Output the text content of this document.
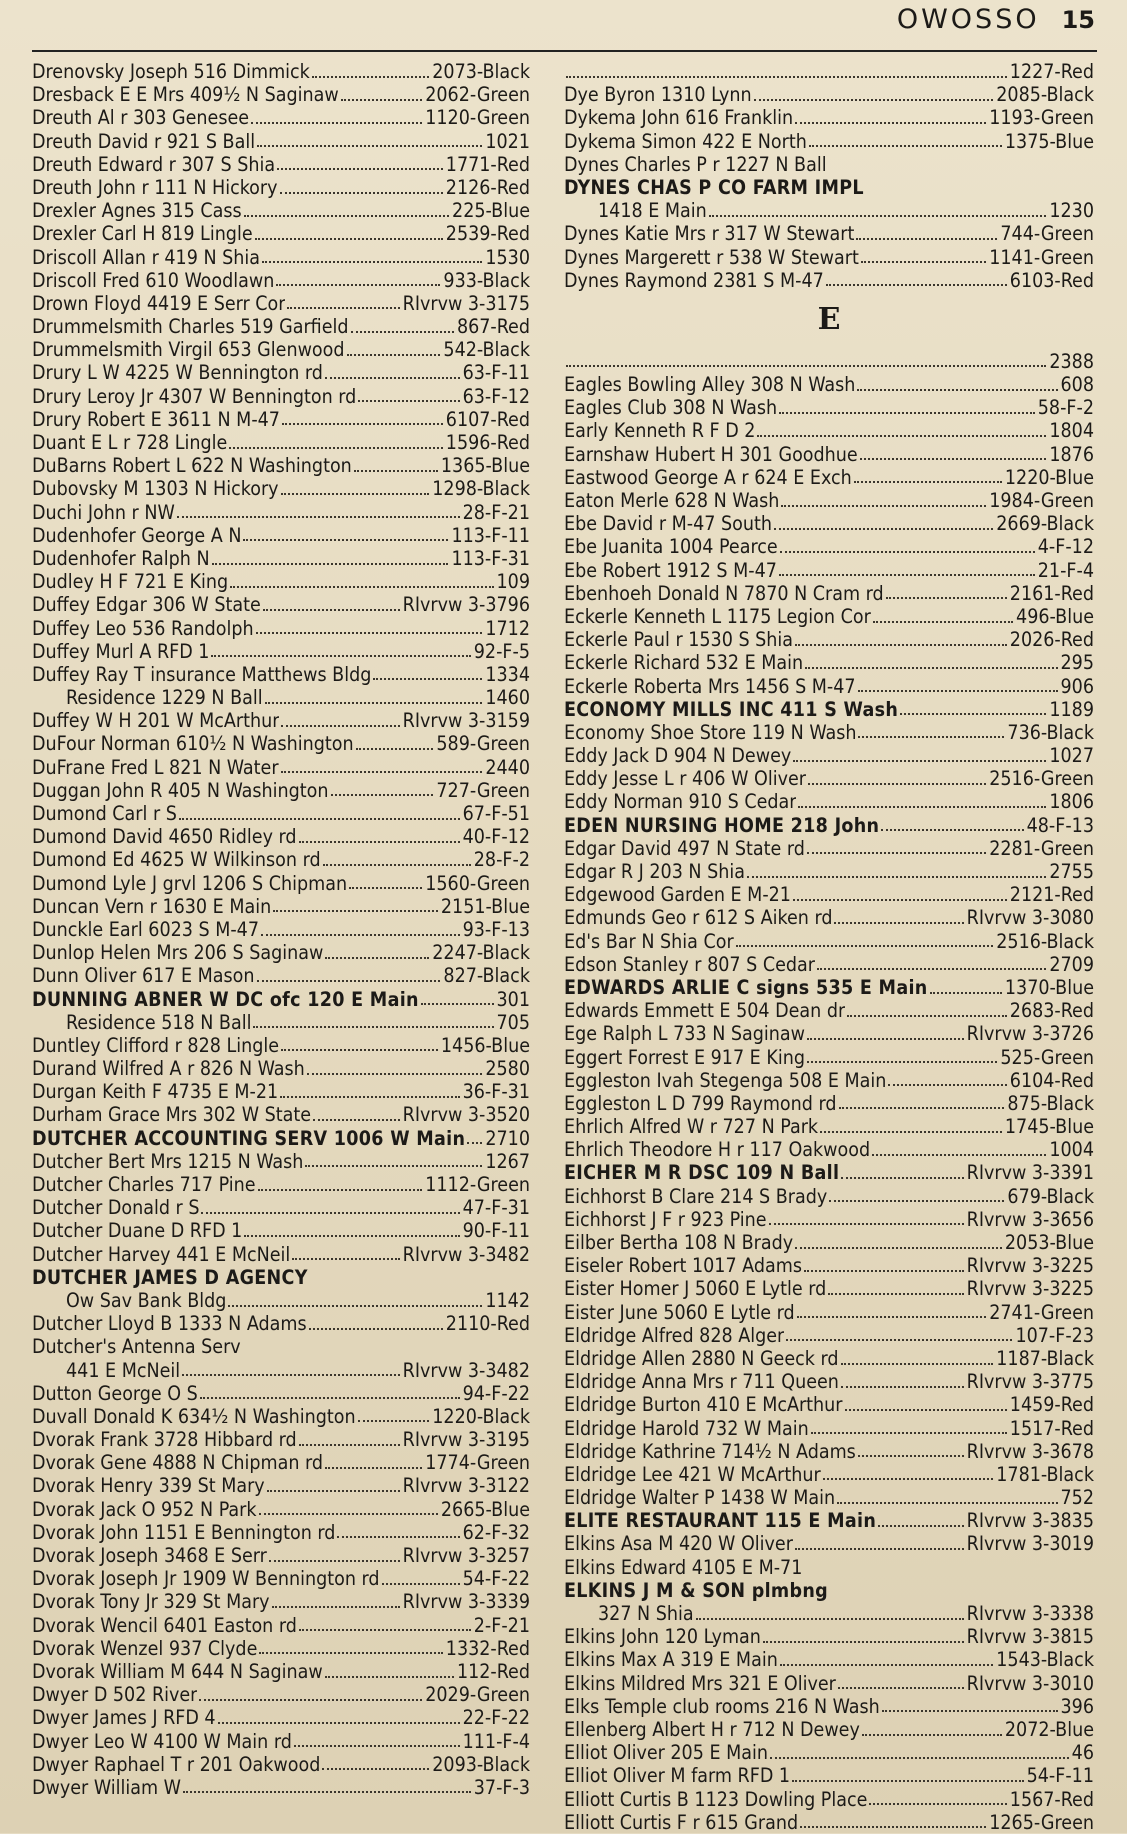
OWOSSO 15
Drenovsky Joseph 516 Dimmick	2073-Black
Dresback E E Mrs 409½ N Saginaw	2062-Green
Dreuth Al r 303 Genesee	1120-Green
Dreuth David r 921 S Ball	1021
Dreuth Edward r 307 S Shia	1771-Red
Dreuth John r 111 N Hickory	2126-Red
Drexler Agnes 315 Cass	225-Blue
Drexler Carl H 819 Lingle	2539-Red
Driscoll Allan r 419 N Shia	1530
Driscoll Fred 610 Woodlawn	933-Black
Drown Floyd 4419 E Serr Cor	RIvrvw 3-3175
Drummelsmith Charles 519 Garfield	867-Red
Drummelsmith Virgil 653 Glenwood	542-Black
Drury L W 4225 W Bennington rd	63-F-11
Drury Leroy Jr 4307 W Bennington rd	63-F-12
Drury Robert E 3611 N M-47	6107-Red
Duant E L r 728 Lingle	1596-Red
DuBarns Robert L 622 N Washington	1365-Blue
Dubovsky M 1303 N Hickory	1298-Black
Duchi John r NW	28-F-21
Dudenhofer George A N	113-F-11
Dudenhofer Ralph N	113-F-31
Dudley H F 721 E King	109
Duffey Edgar 306 W State	RIvrvw 3-3796
Duffey Leo 536 Randolph	1712
Duffey Murl A RFD 1	92-F-5
Duffey Ray T insurance Matthews Bldg	1334
Residence 1229 N Ball	1460
Duffey W H 201 W McArthur	RIvrvw 3-3159
DuFour Norman 610½ N Washington	589-Green
DuFrane Fred L 821 N Water	2440
Duggan John R 405 N Washington	727-Green
Dumond Carl r S	67-F-51
Dumond David 4650 Ridley rd	40-F-12
Dumond Ed 4625 W Wilkinson rd	28-F-2
Dumond Lyle J grvl 1206 S Chipman	1560-Green
Duncan Vern r 1630 E Main	2151-Blue
Dunckle Earl 6023 S M-47	93-F-13
Dunlop Helen Mrs 206 S Saginaw	2247-Black
Dunn Oliver 617 E Mason	827-Black
DUNNING ABNER W DC ofc 120 E Main	301
Residence 518 N Ball	705
Duntley Clifford r 828 Lingle	1456-Blue
Durand Wilfred A r 826 N Wash	2580
Durgan Keith F 4735 E M-21	36-F-31
Durham Grace Mrs 302 W State	RIvrvw 3-3520
DUTCHER ACCOUNTING SERV 1006 W Main 2710
Dutcher Bert Mrs 1215 N Wash	1267
Dutcher Charles 717 Pine	1112-Green
Dutcher Donald r S	47-F-31
Dutcher Duane D RFD 1	90-F-11
Dutcher Harvey 441 E McNeil	RIvrvw 3-3482
DUTCHER JAMES D AGENCY
Ow Sav Bank Bldg	1142
Dutcher Lloyd B 1333 N Adams	2110-Red
Dutcher's Antenna Serv
441 E McNeil	RIvrvw 3-3482
Dutton George O S	94-F-22
Duvall Donald K 634½ N Washington	1220-Black
Dvorak Frank 3728 Hibbard rd	RIvrvw 3-3195
Dvorak Gene 4888 N Chipman rd	1774-Green
Dvorak Henry 339 St Mary	RIvrvw 3-3122
Dvorak Jack O 952 N Park	2665-Blue
Dvorak John 1151 E Bennington rd	62-F-32
Dvorak Joseph 3468 E Serr	RIvrvw 3-3257
Dvorak Joseph Jr 1909 W Bennington rd	54-F-22
Dvorak Tony Jr 329 St Mary	RIvrvw 3-3339
Dvorak Wencil 6401 Easton rd	2-F-21
Dvorak Wenzel 937 Clyde	1332-Red
Dvorak William M 644 N Saginaw	112-Red
Dwyer D 502 River	2029-Green
Dwyer James J RFD 4	22-F-22
Dwyer Leo W 4100 W Main rd	111-F-4
Dwyer Raphael T r 201 Oakwood	2093-Black
Dwyer William W	37-F-3
1227-Red
Dye Byron 1310 Lynn	2085-Black
Dykema John 616 Franklin	1193-Green
Dykema Simon 422 E North	1375-Blue
Dynes Charles P r 1227 N Ball
DYNES CHAS P CO FARM IMPL
1418 E Main	1230
Dynes Katie Mrs r 317 W Stewart	744-Green
Dynes Margerett r 538 W Stewart	1141-Green
Dynes Raymond 2381 S M-47	6103-Red
E
2388
Eagles Bowling Alley 308 N Wash	608
Eagles Club 308 N Wash	58-F-2
Early Kenneth R F D 2	1804
Earnshaw Hubert H 301 Goodhue	1876
Eastwood George A r 624 E Exch	1220-Blue
Eaton Merle 628 N Wash	1984-Green
Ebe David r M-47 South	2669-Black
Ebe Juanita 1004 Pearce	4-F-12
Ebe Robert 1912 S M-47	21-F-4
Ebenhoeh Donald N 7870 N Cram rd	2161-Red
Eckerle Kenneth L 1175 Legion Cor	496-Blue
Eckerle Paul r 1530 S Shia	2026-Red
Eckerle Richard 532 E Main	295
Eckerle Roberta Mrs 1456 S M-47	906
ECONOMY MILLS INC 411 S Wash	1189
Economy Shoe Store 119 N Wash	736-Black
Eddy Jack D 904 N Dewey	1027
Eddy Jesse L r 406 W Oliver	2516-Green
Eddy Norman 910 S Cedar	1806
EDEN NURSING HOME 218 John	48-F-13
Edgar David 497 N State rd	2281-Green
Edgar R J 203 N Shia	2755
Edgewood Garden E M-21	2121-Red
Edmunds Geo r 612 S Aiken rd	RIvrvw 3-3080
Ed's Bar N Shia Cor	2516-Black
Edson Stanley r 807 S Cedar	2709
EDWARDS ARLIE C signs 535 E Main	1370-Blue
Edwards Emmett E 504 Dean dr	2683-Red
Ege Ralph L 733 N Saginaw	RIvrvw 3-3726
Eggert Forrest E 917 E King	525-Green
Eggleston Ivah Stegenga 508 E Main	6104-Red
Eggleston L D 799 Raymond rd	875-Black
Ehrlich Alfred W r 727 N Park	1745-Blue
Ehrlich Theodore H r 117 Oakwood	1004
EICHER M R DSC 109 N Ball	RIvrvw 3-3391
Eichhorst B Clare 214 S Brady	679-Black
Eichhorst J F r 923 Pine	RIvrvw 3-3656
Eilber Bertha 108 N Brady	2053-Blue
Eiseler Robert 1017 Adams	RIvrvw 3-3225
Eister Homer J 5060 E Lytle rd	RIvrvw 3-3225
Eister June 5060 E Lytle rd	2741-Green
Eldridge Alfred 828 Alger	107-F-23
Eldridge Allen 2880 N Geeck rd	1187-Black
Eldridge Anna Mrs r 711 Queen	RIvrvw 3-3775
Eldridge Burton 410 E McArthur	1459-Red
Eldridge Harold 732 W Main	1517-Red
Eldridge Kathrine 714½ N Adams	RIvrvw 3-3678
Eldridge Lee 421 W McArthur	1781-Black
Eldridge Walter P 1438 W Main	752
ELITE RESTAURANT 115 E Main	RIvrvw 3-3835
Elkins Asa M 420 W Oliver	RIvrvw 3-3019
Elkins Edward 4105 E M-71
ELKINS J M & SON plmbng
327 N Shia	RIvrvw 3-3338
Elkins John 120 Lyman	RIvrvw 3-3815
Elkins Max A 319 E Main	1543-Black
Elkins Mildred Mrs 321 E Oliver	RIvrvw 3-3010
Elks Temple club rooms 216 N Wash	396
Ellenberg Albert H r 712 N Dewey	2072-Blue
Elliot Oliver 205 E Main	46
Elliot Oliver M farm RFD 1	54-F-11
Elliott Curtis B 1123 Dowling Place	1567-Red
Elliott Curtis F r 615 Grand	1265-Green
